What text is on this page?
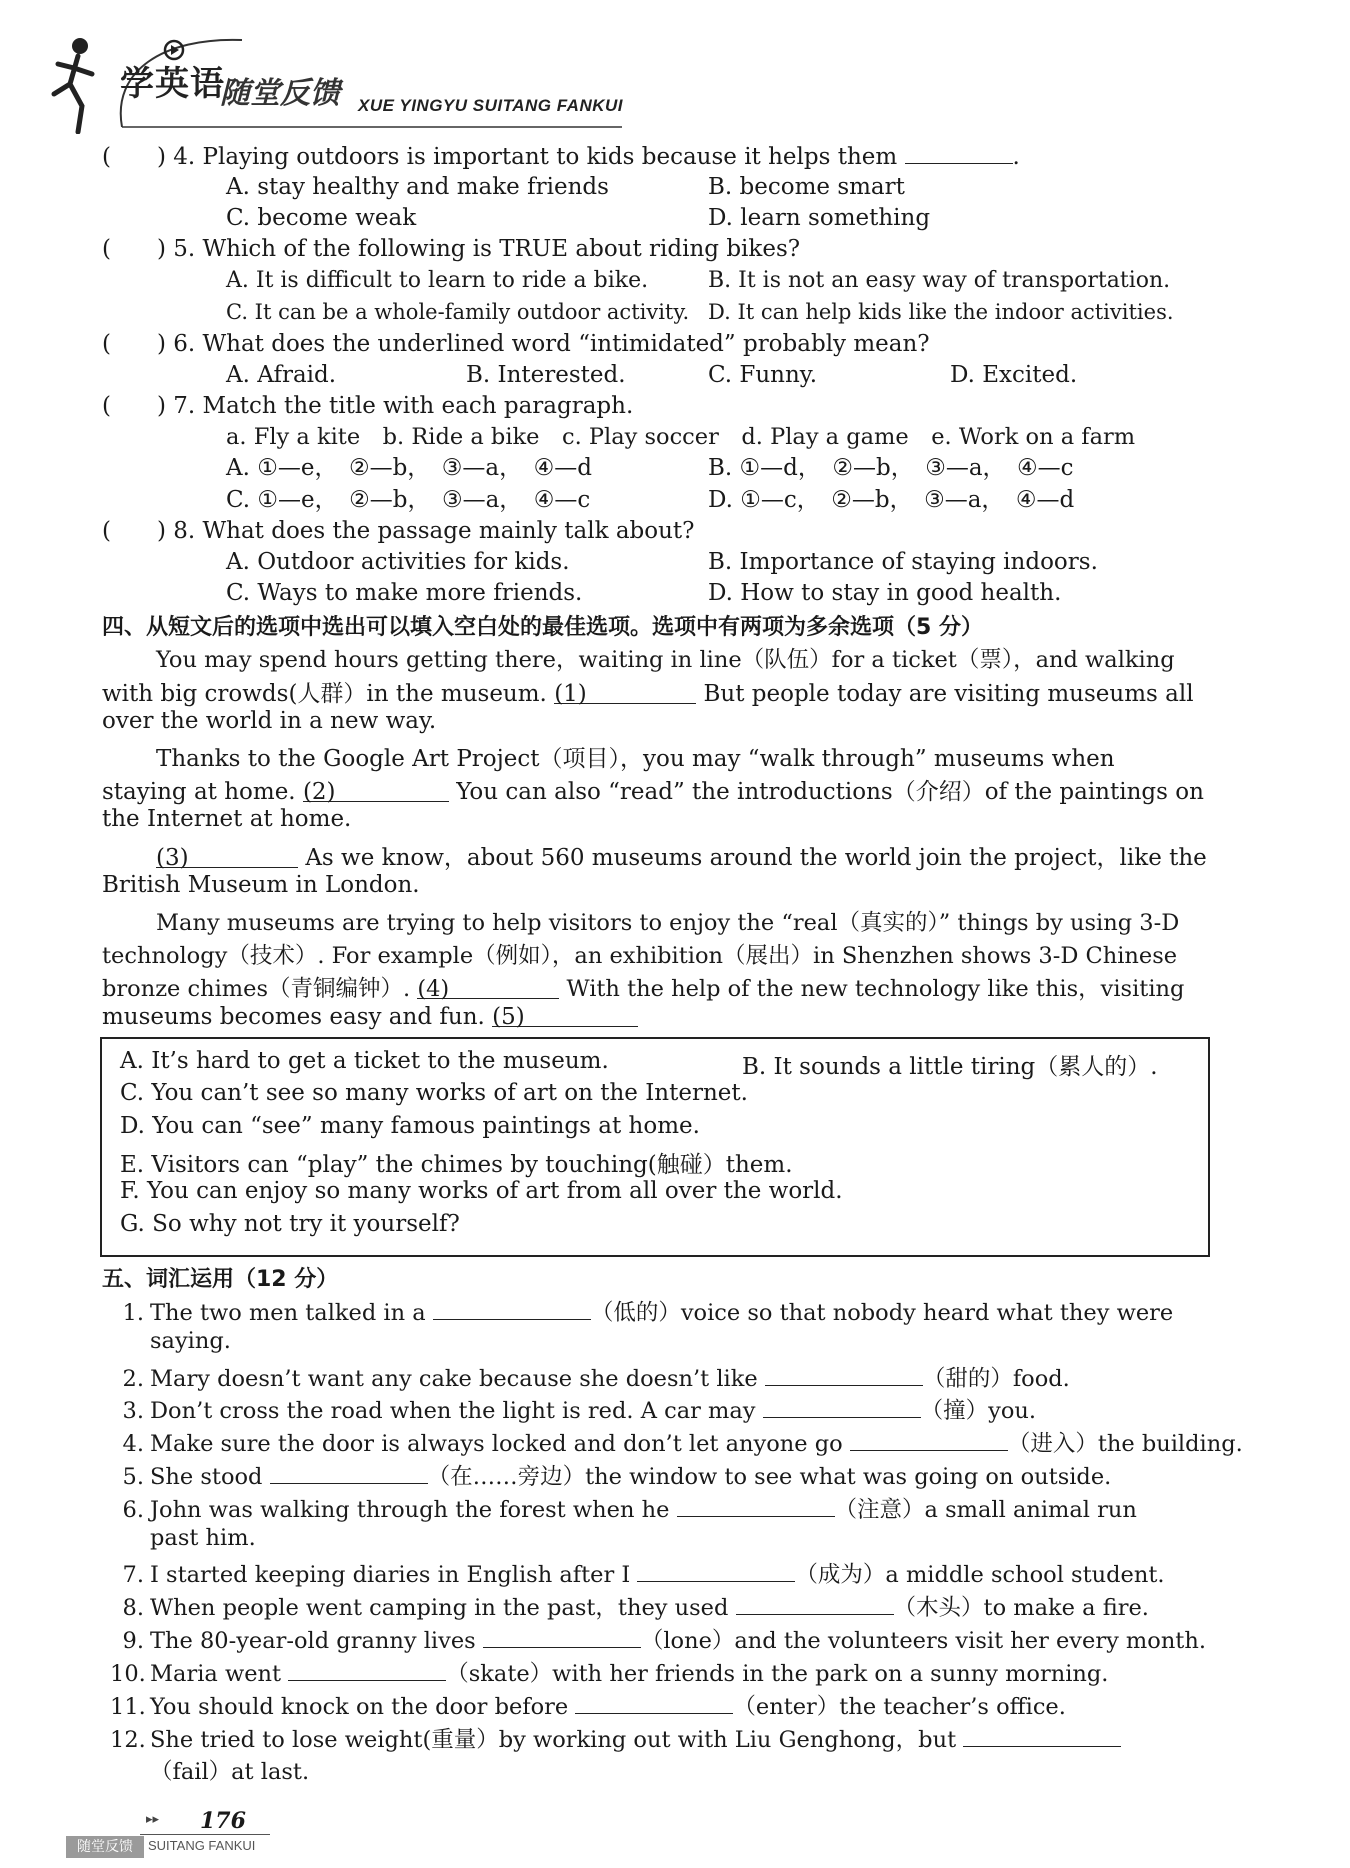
学英语
随堂反馈 XUE YINGYU SUITANG FANKUI
(　　) 4. Playing outdoors is important to kids because it helps them	.
A. stay healthy and make friends	B. become smart
C. become weak	D. learn something
(　　) 5. Which of the following is TRUE about riding bikes?
A. It is difficult to learn to ride a bike.	B. It is not an easy way of transportation.
C. It can be a whole-family outdoor activity. D. It can help kids like the indoor activities.
(　　) 6. What does the underlined word “intimidated” probably mean?
A. Afraid.	B. Interested.	C. Funny.	D. Excited.
(　　) 7. Match the title with each paragraph.
a. Fly a kite　b. Ride a bike　c. Play soccer　d. Play a game　e. Work on a farm
A. ①—e，　②—b，　③—a，　④—d	B. ①—d，　②—b，　③—a，　④—c
C. ①—e，　②—b，　③—a，　④—c	D. ①—c，　②—b，　③—a，　④—d
(　　) 8. What does the passage mainly talk about?
A. Outdoor activities for kids.	B. Importance of staying indoors.
C. Ways to make more friends.	D. How to stay in good health.
四、从短文后的选项中选出可以填入空白处的最佳选项。选项中有两项为多余选项（5 分）
You may spend hours getting there，waiting in line（队伍）for a ticket（票），and walking
with big crowds(人群）in the museum. (1)	But people today are visiting museums all
over the world in a new way.
Thanks to the Google Art Project（项目），you may “walk through” museums when
staying at home. (2)	You can also “read” the introductions（介绍）of the paintings on
the Internet at home.
(3)	As we know，about 560 museums around the world join the project，like the
British Museum in London.
Many museums are trying to help visitors to enjoy the “real（真实的）” things by using 3-D
technology（技术）. For example（例如），an exhibition（展出）in Shenzhen shows 3-D Chinese
bronze chimes（青铜编钟）. (4)	With the help of the new technology like this，visiting
museums becomes easy and fun. (5)
A. It’s hard to get a ticket to the museum.	B. It sounds a little tiring（累人的）.
C. You can’t see so many works of art on the Internet.
D. You can “see” many famous paintings at home.
E. Visitors can “play” the chimes by touching(触碰）them.
F. You can enjoy so many works of art from all over the world.
G. So why not try it yourself?
五、词汇运用（12 分）
1. The two men talked in a	（低的）voice so that nobody heard what they were
saying.
2. Mary doesn’t want any cake because she doesn’t like	（甜的）food.
3. Don’t cross the road when the light is red. A car may	（撞）you.
4. Make sure the door is always locked and don’t let anyone go	（进入）the building.
5. She stood	（在……旁边）the window to see what was going on outside.
6. John was walking through the forest when he	（注意）a small animal run
past him.
7. I started keeping diaries in English after I	（成为）a middle school student.
8. When people went camping in the past，they used	（木头）to make a fire.
9. The 80-year-old granny lives	（lone）and the volunteers visit her every month.
10. Maria went	（skate）with her friends in the park on a sunny morning.
11. You should knock on the door before	（enter）the teacher’s office.
12. She tried to lose weight(重量）by working out with Liu Genghong，but
（fail）at last.
▸▸ 176
随堂反馈	SUITANG FANKUI
